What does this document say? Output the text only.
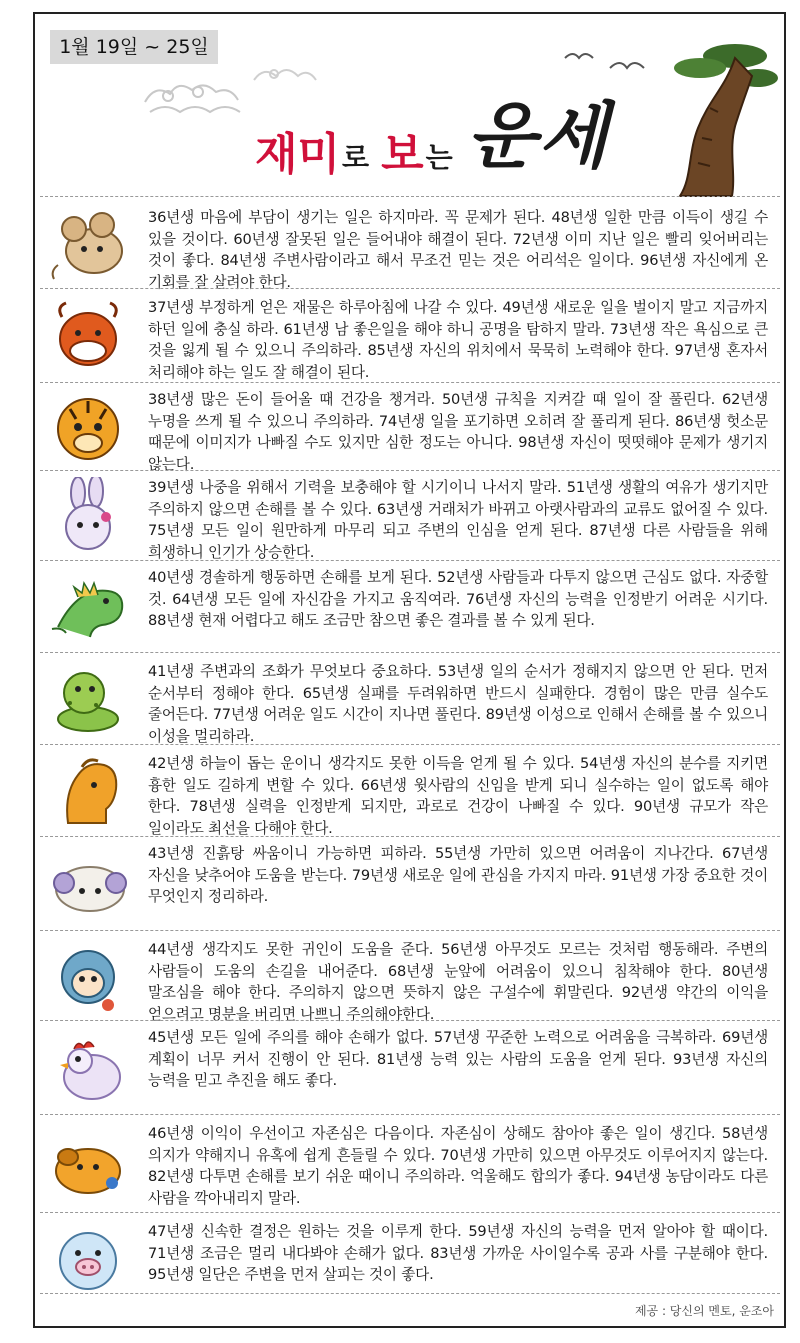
1월 19일 ~ 25일
재미 로 보 는 운세
36년생 마음에 부담이 생기는 일은 하지마라. 꼭 문제가 된다. 48년생 일한 만큼 이득이 생길 수 있을 것이다. 60년생 잘못된 일은 들어내야 해결이 된다. 72년생 이미 지난 일은 빨리 잊어버리는 것이 좋다. 84년생 주변사람이라고 해서 무조건 믿는 것은 어리석은 일이다. 96년생 자신에게 온 기회를 잘 살려야 한다.
37년생 부정하게 얻은 재물은 하루아침에 나갈 수 있다. 49년생 새로운 일을 벌이지 말고 지금까지 하던 일에 충실 하라. 61년생 남 좋은일을 해야 하니 공명을 탐하지 말라. 73년생 작은 욕심으로 큰 것을 잃게 될 수 있으니 주의하라. 85년생 자신의 위치에서 묵묵히 노력해야 한다. 97년생 혼자서 처리해야 하는 일도 잘 해결이 된다.
38년생 많은 돈이 들어올 때 건강을 챙겨라. 50년생 규칙을 지켜갈 때 일이 잘 풀린다. 62년생 누명을 쓰게 될 수 있으니 주의하라. 74년생 일을 포기하면 오히려 잘 풀리게 된다. 86년생 헛소문 때문에 이미지가 나빠질 수도 있지만 심한 정도는 아니다. 98년생 자신이 떳떳해야 문제가 생기지 않는다.
39년생 나중을 위해서 기력을 보충해야 할 시기이니 나서지 말라. 51년생 생활의 여유가 생기지만 주의하지 않으면 손해를 볼 수 있다. 63년생 거래처가 바뀌고 아랫사람과의 교류도 없어질 수 있다. 75년생 모든 일이 원만하게 마무리 되고 주변의 인심을 얻게 된다. 87년생 다른 사람들을 위해 희생하니 인기가 상승한다.
40년생 경솔하게 행동하면 손해를 보게 된다. 52년생 사람들과 다투지 않으면 근심도 없다. 자중할 것. 64년생 모든 일에 자신감을 가지고 움직여라. 76년생 자신의 능력을 인정받기 어려운 시기다. 88년생 현재 어렵다고 해도 조금만 참으면 좋은 결과를 볼 수 있게 된다.
41년생 주변과의 조화가 무엇보다 중요하다. 53년생 일의 순서가 정해지지 않으면 안 된다. 먼저 순서부터 정해야 한다. 65년생 실패를 두려워하면 반드시 실패한다. 경험이 많은 만큼 실수도 줄어든다. 77년생 어려운 일도 시간이 지나면 풀린다. 89년생 이성으로 인해서 손해를 볼 수 있으니 이성을 멀리하라.
42년생 하늘이 돕는 운이니 생각지도 못한 이득을 얻게 될 수 있다. 54년생 자신의 분수를 지키면 흉한 일도 길하게 변할 수 있다. 66년생 윗사람의 신임을 받게 되니 실수하는 일이 없도록 해야 한다. 78년생 실력을 인정받게 되지만, 과로로 건강이 나빠질 수 있다. 90년생 규모가 작은 일이라도 최선을 다해야 한다.
43년생 진흙탕 싸움이니 가능하면 피하라. 55년생 가만히 있으면 어려움이 지나간다. 67년생 자신을 낮추어야 도움을 받는다. 79년생 새로운 일에 관심을 가지지 마라. 91년생 가장 중요한 것이 무엇인지 정리하라.
44년생 생각지도 못한 귀인이 도움을 준다. 56년생 아무것도 모르는 것처럼 행동해라. 주변의 사람들이 도움의 손길을 내어준다. 68년생 눈앞에 어려움이 있으니 침착해야 한다. 80년생 말조심을 해야 한다. 주의하지 않으면 뜻하지 않은 구설수에 휘말린다. 92년생 약간의 이익을 얻으려고 명분을 버리면 나쁘니 주의해야한다.
45년생 모든 일에 주의를 해야 손해가 없다. 57년생 꾸준한 노력으로 어려움을 극복하라. 69년생 계획이 너무 커서 진행이 안 된다. 81년생 능력 있는 사람의 도움을 얻게 된다. 93년생 자신의 능력을 믿고 추진을 해도 좋다.
46년생 이익이 우선이고 자존심은 다음이다. 자존심이 상해도 참아야 좋은 일이 생긴다. 58년생 의지가 약해지니 유혹에 쉽게 흔들릴 수 있다. 70년생 가만히 있으면 아무것도 이루어지지 않는다. 82년생 다투면 손해를 보기 쉬운 때이니 주의하라. 억울해도 합의가 좋다. 94년생 농담이라도 다른 사람을 깍아내리지 말라.
47년생 신속한 결정은 원하는 것을 이루게 한다. 59년생 자신의 능력을 먼저 알아야 할 때이다. 71년생 조금은 멀리 내다봐야 손해가 없다. 83년생 가까운 사이일수록 공과 사를 구분해야 한다. 95년생 일단은 주변을 먼저 살피는 것이 좋다.
제공 : 당신의 멘토, 운조아
